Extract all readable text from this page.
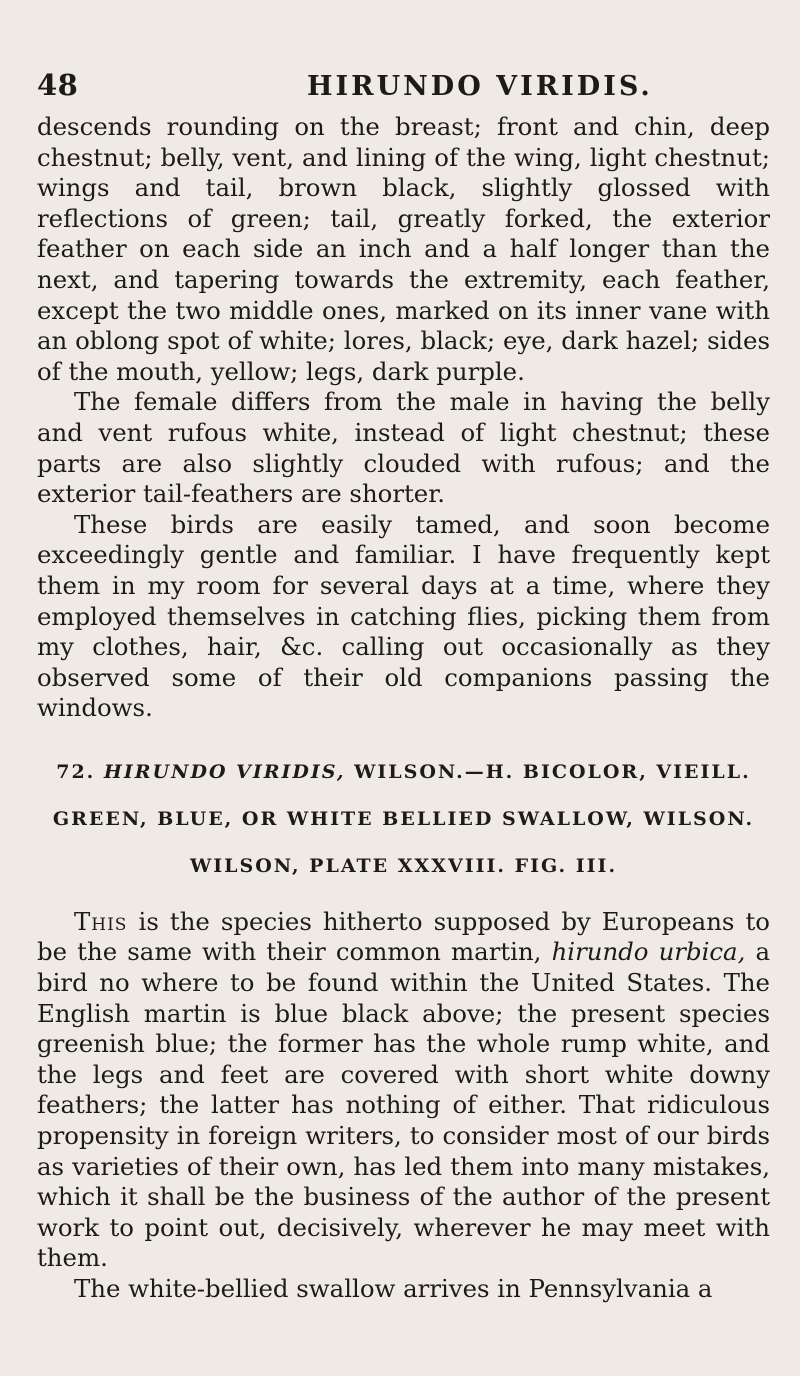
48	HIRUNDO VIRIDIS.

descends rounding on the breast; front and chin, deep chestnut; belly, vent, and lining of the wing, light chestnut; wings and tail, brown black, slightly glossed with reflections of green; tail, greatly forked, the exterior feather on each side an inch and a half longer than the next, and tapering towards the extremity, each feather, except the two middle ones, marked on its inner vane with an oblong spot of white; lores, black; eye, dark hazel; sides of the mouth, yellow; legs, dark purple.

The female differs from the male in having the belly and vent rufous white, instead of light chestnut; these parts are also slightly clouded with rufous; and the exterior tail-feathers are shorter.

These birds are easily tamed, and soon become exceedingly gentle and familiar. I have frequently kept them in my room for several days at a time, where they employed themselves in catching flies, picking them from my clothes, hair, &c. calling out occasionally as they observed some of their old companions passing the windows.

72. HIRUNDO VIRIDIS, WILSON.—H. BICOLOR, VIEILL.

GREEN, BLUE, OR WHITE BELLIED SWALLOW, WILSON.

WILSON, PLATE XXXVIII. FIG. III.

This is the species hitherto supposed by Europeans to be the same with their common martin, hirundo urbica, a bird no where to be found within the United States. The English martin is blue black above; the present species greenish blue; the former has the whole rump white, and the legs and feet are covered with short white downy feathers; the latter has nothing of either. That ridiculous propensity in foreign writers, to consider most of our birds as varieties of their own, has led them into many mistakes, which it shall be the business of the author of the present work to point out, decisively, wherever he may meet with them.

The white-bellied swallow arrives in Pennsylvania a
